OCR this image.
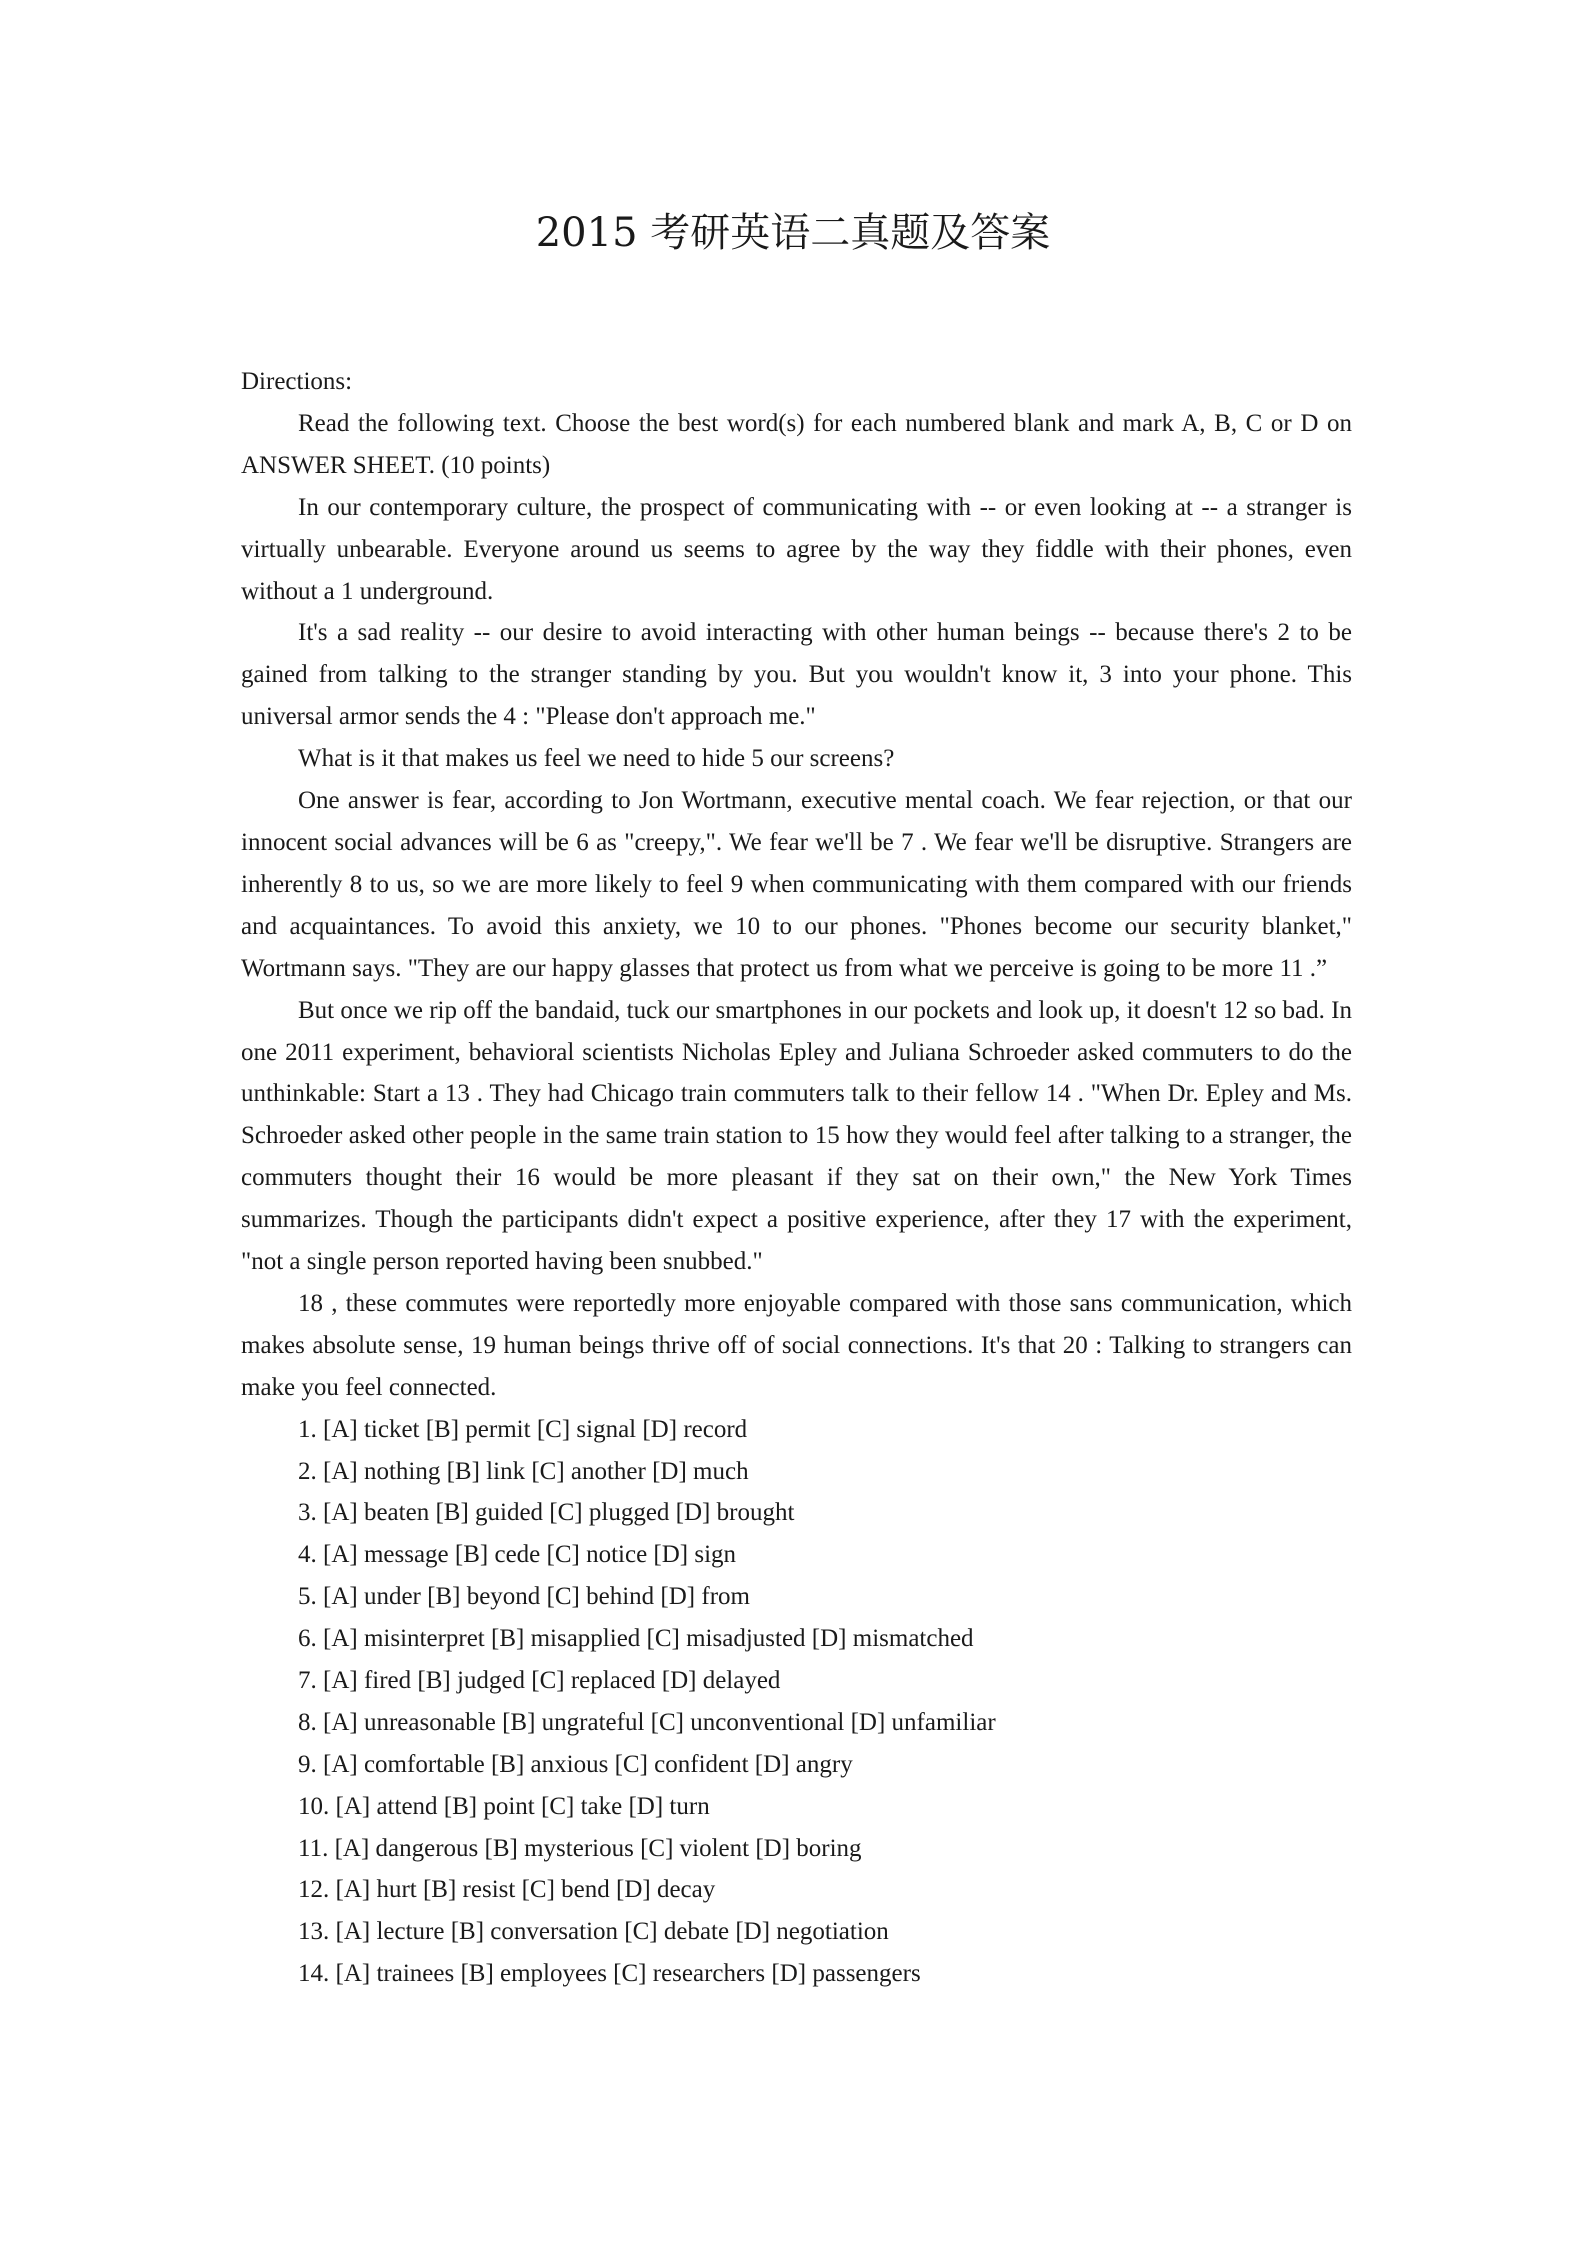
2015 考研英语二真题及答案

Directions:

Read the following text. Choose the best word(s) for each numbered blank and mark A, B, C or D on ANSWER SHEET. (10 points)

In our contemporary culture, the prospect of communicating with -- or even looking at -- a stranger is virtually unbearable. Everyone around us seems to agree by the way they fiddle with their phones, even without a 1 underground.

It's a sad reality -- our desire to avoid interacting with other human beings -- because there's 2 to be gained from talking to the stranger standing by you. But you wouldn't know it, 3 into your phone. This universal armor sends the 4 : "Please don't approach me."

What is it that makes us feel we need to hide 5 our screens?

One answer is fear, according to Jon Wortmann, executive mental coach. We fear rejection, or that our innocent social advances will be 6 as "creepy,". We fear we'll be 7 . We fear we'll be disruptive. Strangers are inherently 8 to us, so we are more likely to feel 9 when communicating with them compared with our friends and acquaintances. To avoid this anxiety, we 10 to our phones. "Phones become our security blanket," Wortmann says. "They are our happy glasses that protect us from what we perceive is going to be more 11 .”

But once we rip off the bandaid, tuck our smartphones in our pockets and look up, it doesn't 12 so bad. In one 2011 experiment, behavioral scientists Nicholas Epley and Juliana Schroeder asked commuters to do the unthinkable: Start a 13 . They had Chicago train commuters talk to their fellow 14 . "When Dr. Epley and Ms. Schroeder asked other people in the same train station to 15 how they would feel after talking to a stranger, the commuters thought their 16 would be more pleasant if they sat on their own," the New York Times summarizes. Though the participants didn't expect a positive experience, after they 17 with the experiment, "not a single person reported having been snubbed."

18 , these commutes were reportedly more enjoyable compared with those sans communication, which makes absolute sense, 19 human beings thrive off of social connections. It's that 20 : Talking to strangers can make you feel connected.

1. [A] ticket [B] permit [C] signal [D] record
2. [A] nothing [B] link [C] another [D] much
3. [A] beaten [B] guided [C] plugged [D] brought
4. [A] message [B] cede [C] notice [D] sign
5. [A] under [B] beyond [C] behind [D] from
6. [A] misinterpret [B] misapplied [C] misadjusted [D] mismatched
7. [A] fired [B] judged [C] replaced [D] delayed
8. [A] unreasonable [B] ungrateful [C] unconventional [D] unfamiliar
9. [A] comfortable [B] anxious [C] confident [D] angry
10. [A] attend [B] point [C] take [D] turn
11. [A] dangerous [B] mysterious [C] violent [D] boring
12. [A] hurt [B] resist [C] bend [D] decay
13. [A] lecture [B] conversation [C] debate [D] negotiation
14. [A] trainees [B] employees [C] researchers [D] passengers
